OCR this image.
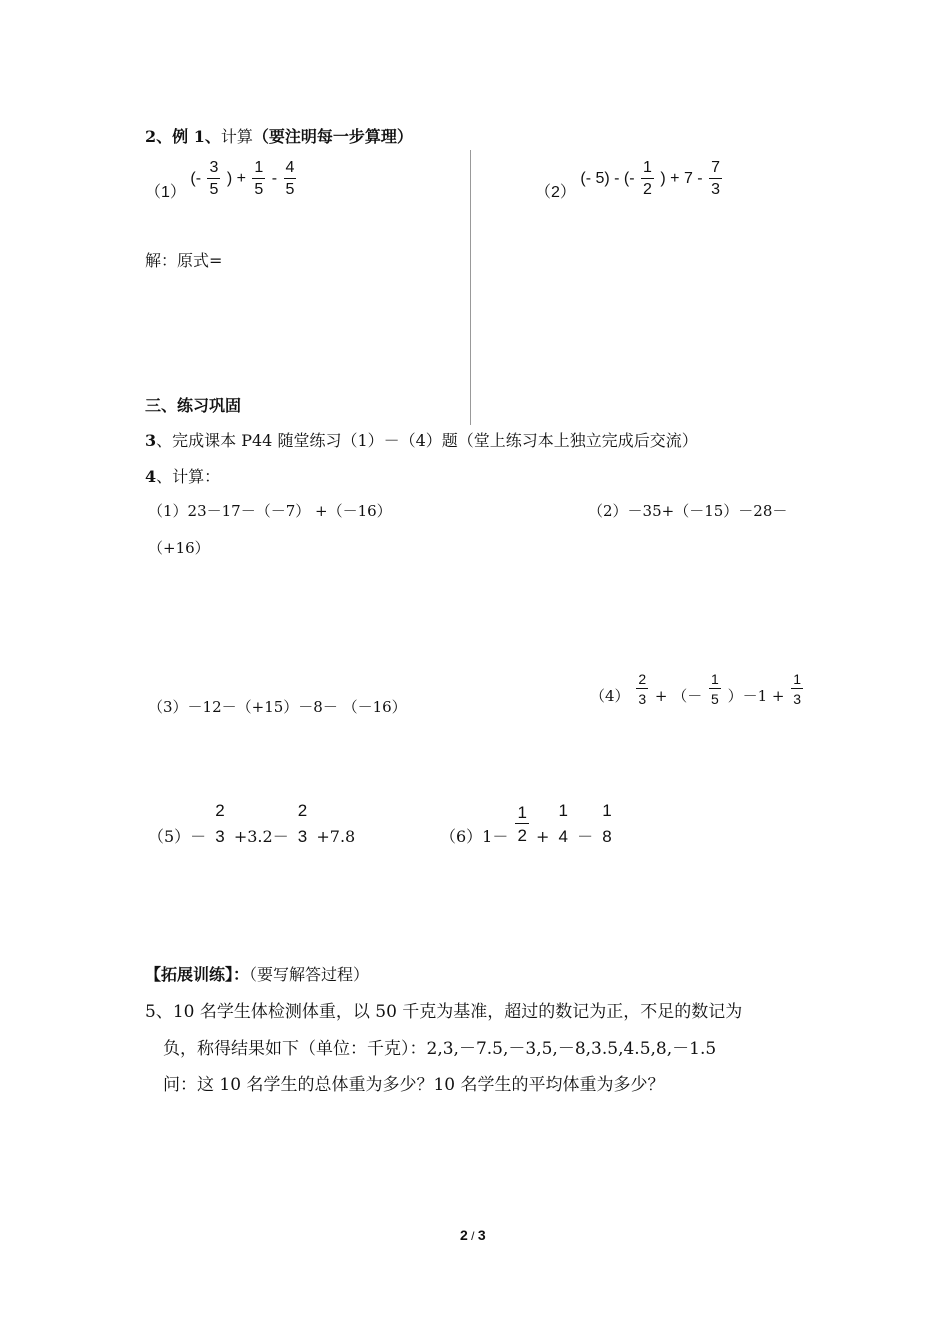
2、例 1、计算（要注明每一步算理）
（1） (- $\frac{3}{5}$ ) + $\frac{1}{5} - \frac{4}{5}$	（2） (- 5) - (- $\frac{1}{2}$ ) + $7 - \frac{7}{3}$
解：原式=
三、练习巩固
3、完成课本 P44 随堂练习（1）－（4）题（堂上练习本上独立完成后交流）
4、计算：
（1）23－17－（－7） +（－16）	（2）－35+（－15）－28－
（+16）
（3）－12－（+15）－8－ （－16）
$(4) \frac{2}{3}$ + （－ $\frac{1}{5} )-1 + \frac{1}{3}$
（5）－
2
3 +3.2－
2
3 +7.8	$(6)1- \frac{1}{2}$ +
1
4 －
1
8
【拓展训练】：（要写解答过程）
5、10 名学生体检测体重，以 50 千克为基准，超过的数记为正，不足的数记为
负，称得结果如下（单位：千克）：2,3,－7.5,－3,5,－8,3.5,4.5,8,－1.5
问：这 10 名学生的总体重为多少？10 名学生的平均体重为多少？
2 / 3
